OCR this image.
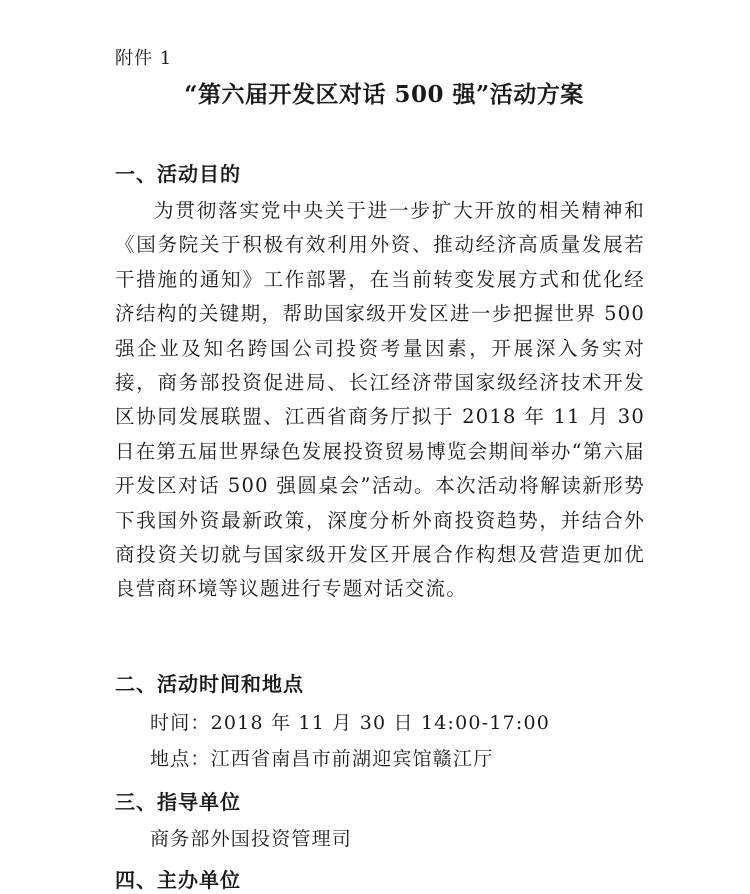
附件 1
“第六届开发区对话 500 强”活动方案
一、活动目的

为贯彻落实党中央关于进一步扩大开放的相关精神和《国务院关于积极有效利用外资、推动经济高质量发展若干措施的通知》工作部署，在当前转变发展方式和优化经济结构的关键期，帮助国家级开发区进一步把握世界 500 强企业及知名跨国公司投资考量因素，开展深入务实对接，商务部投资促进局、长江经济带国家级经济技术开发区协同发展联盟、江西省商务厅拟于 2018 年 11 月 30 日在第五届世界绿色发展投资贸易博览会期间举办“第六届开发区对话 500 强圆桌会”活动。本次活动将解读新形势下我国外资最新政策，深度分析外商投资趋势，并结合外商投资关切就与国家级开发区开展合作构想及营造更加优良营商环境等议题进行专题对话交流。

二、活动时间和地点
时间：2018 年 11 月 30 日 14:00-17:00
地点：江西省南昌市前湖迎宾馆赣江厅
三、指导单位
商务部外国投资管理司
四、主办单位
